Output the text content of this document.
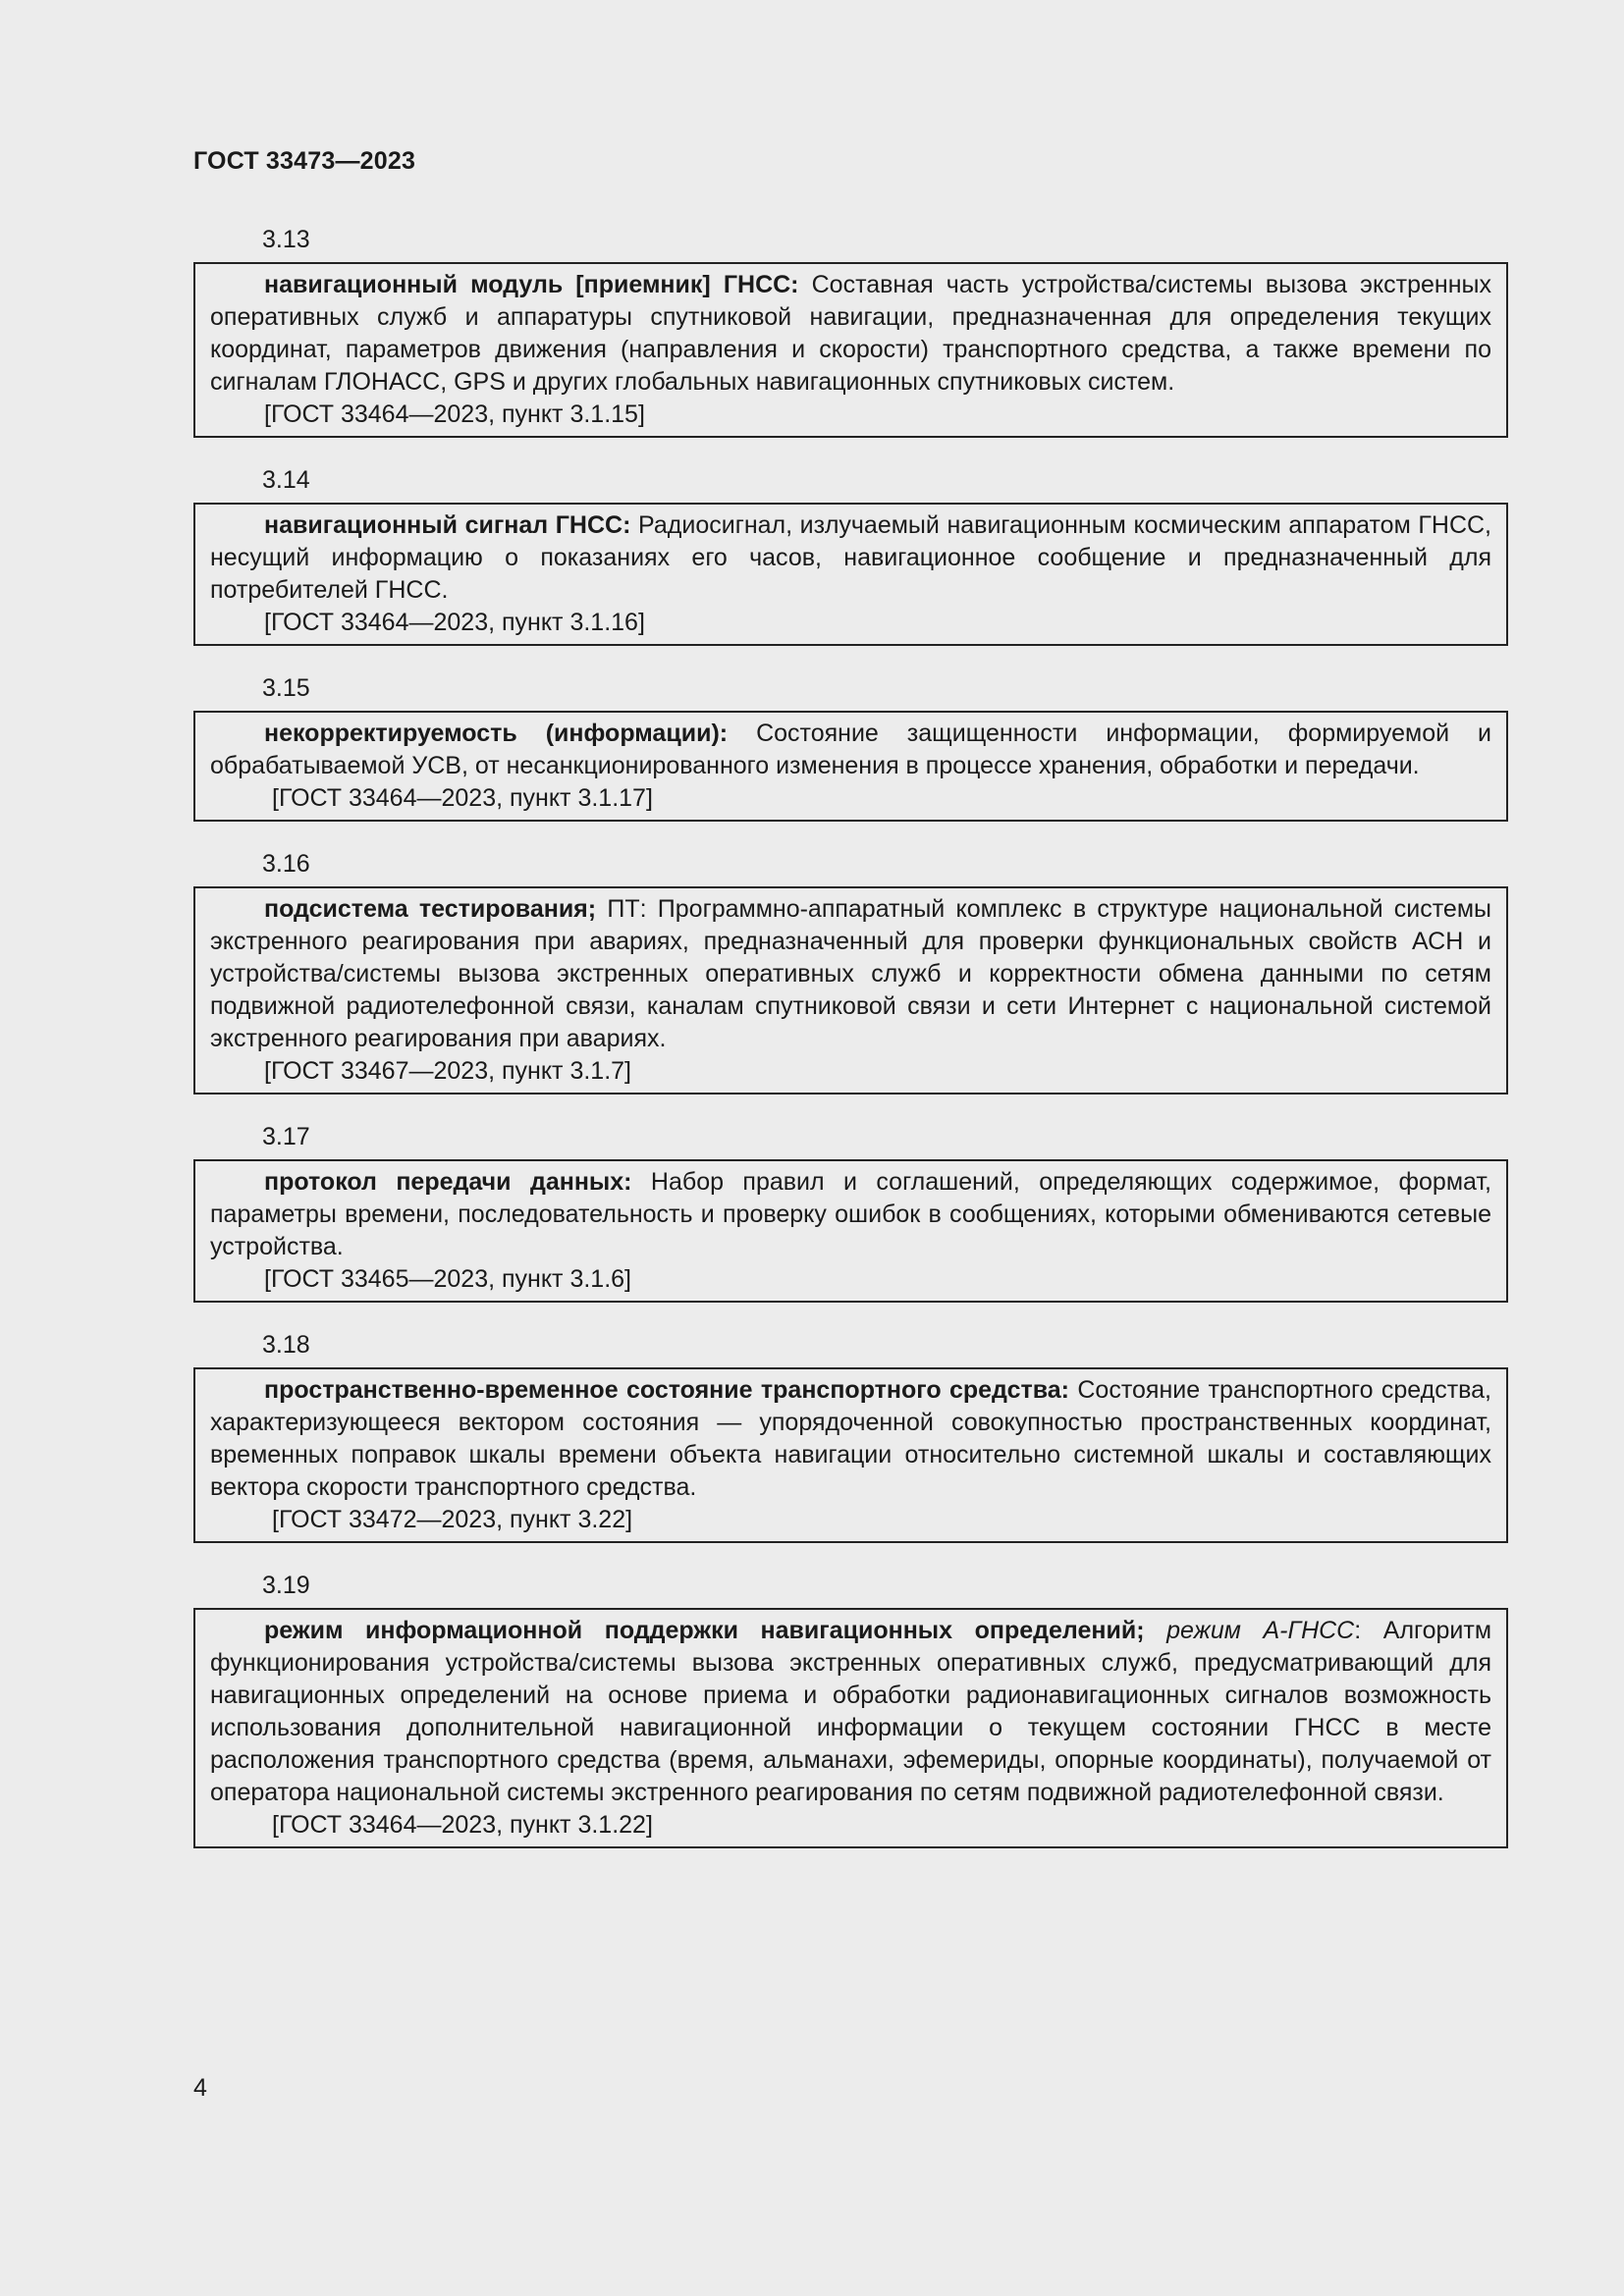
ГОСТ 33473—2023
3.13

навигационный модуль [приемник] ГНСС: Составная часть устройства/системы вызова экстренных оперативных служб и аппаратуры спутниковой навигации, предназначенная для определения текущих координат, параметров движения (направления и скорости) транспортного средства, а также времени по сигналам ГЛОНАСС, GPS и других глобальных навигационных спутниковых систем.

[ГОСТ 33464—2023, пункт 3.1.15]

3.14

навигационный сигнал ГНСС: Радиосигнал, излучаемый навигационным космическим аппаратом ГНСС, несущий информацию о показаниях его часов, навигационное сообщение и предназначенный для потребителей ГНСС.

[ГОСТ 33464—2023, пункт 3.1.16]

3.15

некорректируемость (информации): Состояние защищенности информации, формируемой и обрабатываемой УСВ, от несанкционированного изменения в процессе хранения, обработки и передачи.

[ГОСТ 33464—2023, пункт 3.1.17]

3.16

подсистема тестирования; ПТ: Программно-аппаратный комплекс в структуре национальной системы экстренного реагирования при авариях, предназначенный для проверки функциональных свойств АСН и устройства/системы вызова экстренных оперативных служб и корректности обмена данными по сетям подвижной радиотелефонной связи, каналам спутниковой связи и сети Интернет с национальной системой экстренного реагирования при авариях.

[ГОСТ 33467—2023, пункт 3.1.7]

3.17

протокол передачи данных: Набор правил и соглашений, определяющих содержимое, формат, параметры времени, последовательность и проверку ошибок в сообщениях, которыми обмениваются сетевые устройства.

[ГОСТ 33465—2023, пункт 3.1.6]

3.18

пространственно-временное состояние транспортного средства: Состояние транспортного средства, характеризующееся вектором состояния — упорядоченной совокупностью пространственных координат, временных поправок шкалы времени объекта навигации относительно системной шкалы и составляющих вектора скорости транспортного средства.

[ГОСТ 33472—2023, пункт 3.22]

3.19

режим информационной поддержки навигационных определений; режим А-ГНСС: Алгоритм функционирования устройства/системы вызова экстренных оперативных служб, предусматривающий для навигационных определений на основе приема и обработки радионавигационных сигналов возможность использования дополнительной навигационной информации о текущем состоянии ГНСС в месте расположения транспортного средства (время, альманахи, эфемериды, опорные координаты), получаемой от оператора национальной системы экстренного реагирования по сетям подвижной радиотелефонной связи.

[ГОСТ 33464—2023, пункт 3.1.22]

4
